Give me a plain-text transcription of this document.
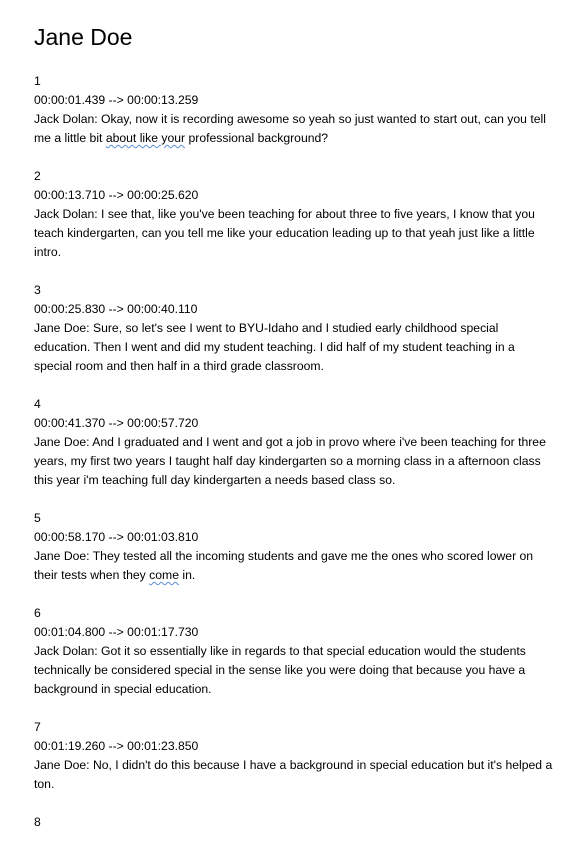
Jane Doe
1
00:00:01.439 --> 00:00:13.259
Jack Dolan: Okay, now it is recording awesome so yeah so just wanted to start out, can you tell me a little bit about like your professional background?
2
00:00:13.710 --> 00:00:25.620
Jack Dolan: I see that, like you've been teaching for about three to five years, I know that you teach kindergarten, can you tell me like your education leading up to that yeah just like a little intro.
3
00:00:25.830 --> 00:00:40.110
Jane Doe: Sure, so let's see I went to BYU-Idaho and I studied early childhood special education. Then I went and did my student teaching. I did half of my student teaching in a special room and then half in a third grade classroom.
4
00:00:41.370 --> 00:00:57.720
Jane Doe: And I graduated and I went and got a job in provo where i've been teaching for three years, my first two years I taught half day kindergarten so a morning class in a afternoon class this year i'm teaching full day kindergarten a needs based class so.
5
00:00:58.170 --> 00:01:03.810
Jane Doe: They tested all the incoming students and gave me the ones who scored lower on their tests when they come in.
6
00:01:04.800 --> 00:01:17.730
Jack Dolan: Got it so essentially like in regards to that special education would the students technically be considered special in the sense like you were doing that because you have a background in special education.
7
00:01:19.260 --> 00:01:23.850
Jane Doe: No, I didn't do this because I have a background in special education but it's helped a ton.
8
